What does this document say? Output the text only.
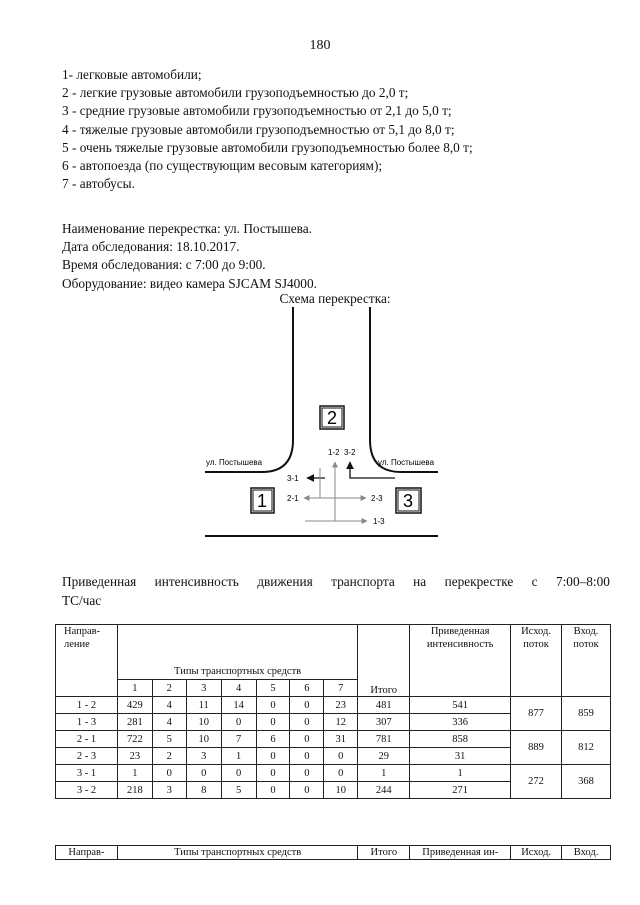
180
1- легковые автомобили;
2 - легкие грузовые автомобили грузоподъемностью до 2,0 т;
3 - средние грузовые автомобили грузоподъемностью от 2,1 до 5,0 т;
4 - тяжелые грузовые автомобили грузоподъемностью от 5,1 до 8,0 т;
5 - очень тяжелые грузовые автомобили грузоподъемностью более 8,0 т;
6 - автопоезда (по существующим весовым категориям);
7 - автобусы.
Наименование перекрестка: ул. Постышева.
Дата обследования: 18.10.2017.
Время обследования: с 7:00 до 9:00.
Оборудование: видео камера SJCAM SJ4000.
Схема перекрестка:
2
1	3
ул. Постышева	ул. Постышева
1-2 3-2
3-1
2-1	2-3
1-3
Приведенная интенсивность движения транспорта на перекрестке с 7:00–8:00
ТС/час
Направ-ление	Типы транспортных средств							Итого	Приведенная интенсивность	Исход. поток	Вход. поток
	1	2	3	4	5	6	7				
1 - 2	429	4	11	14	0	0	23	481	541	877	859
1 - 3	281	4	10	0	0	0	12	307	336		
2 - 1	722	5	10	7	6	0	31	781	858	889	812
2 - 3	23	2	3	1	0	0	0	29	31		
3 - 1	1	0	0	0	0	0	0	1	1	272	368
3 - 2	218	3	8	5	0	0	10	244	271		
Направ-	Типы транспортных средств	Итого	Приведенная ин-	Исход.	Вход.
